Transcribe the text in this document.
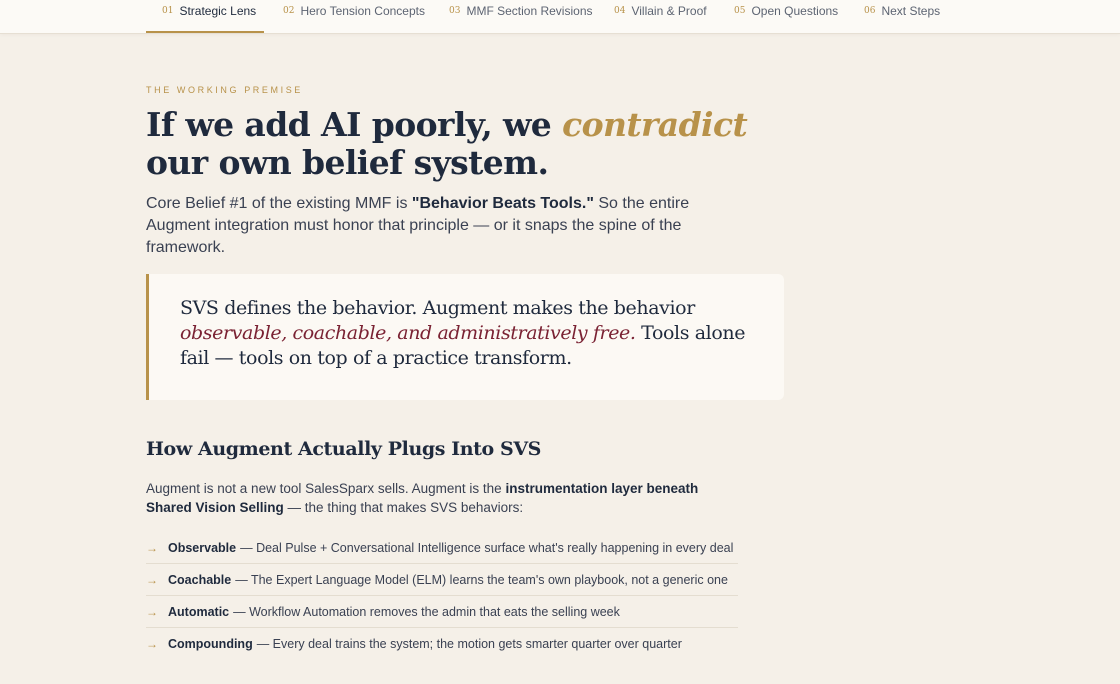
01 Strategic Lens	02 Hero Tension Concepts	03 MMF Section Revisions 04 Villain & Proof	05 Open Questions	06 Next Steps
THE WORKING PREMISE
If we add AI poorly, we contradict our own belief system.

Core Belief #1 of the existing MMF is "Behavior Beats Tools." So the entire Augment integration must honor that principle — or it snaps the spine of the framework.

SVS defines the behavior. Augment makes the behavior observable, coachable, and administratively free. Tools alone fail — tools on top of a practice transform.

How Augment Actually Plugs Into SVS

Augment is not a new tool SalesSparx sells. Augment is the instrumentation layer beneath Shared Vision Selling — the thing that makes SVS behaviors:

→ Observable — Deal Pulse + Conversational Intelligence surface what's really happening in every deal
→ Coachable — The Expert Language Model (ELM) learns the team's own playbook, not a generic one
→ Automatic — Workflow Automation removes the admin that eats the selling week
→ Compounding — Every deal trains the system; the motion gets smarter quarter over quarter
